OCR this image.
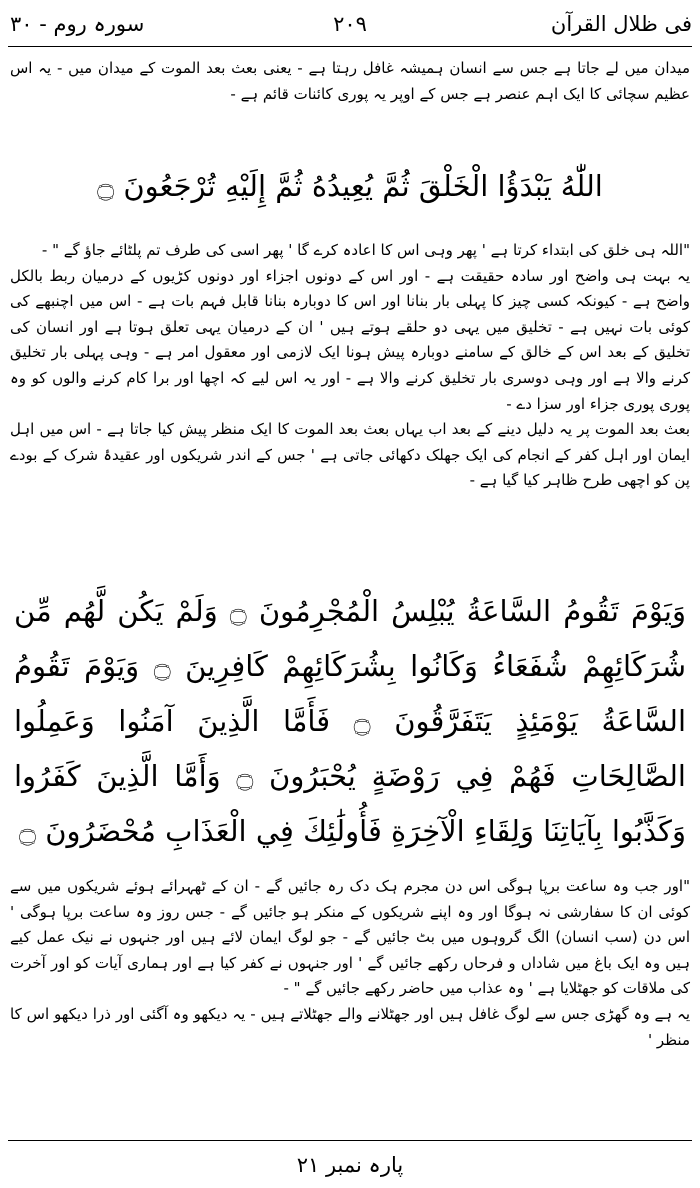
فی ظلال القرآن
۲۰۹
سورہ روم - ۳۰

میدان میں لے جاتا ہے جس سے انسان ہمیشہ غافل رہتا ہے - یعنی بعث بعد الموت کے میدان میں - یہ اس عظیم سچائی کا ایک اہم عنصر ہے جس کے اوپر یہ پوری کائنات قائم ہے -

اللّٰهُ يَبْدَؤُا الْخَلْقَ ثُمَّ يُعِيدُهُ ثُمَّ إِلَيْهِ تُرْجَعُونَ ۝

"اللہ ہی خلق کی ابتداء کرتا ہے ' پھر وہی اس کا اعادہ کرے گا ' پھر اسی کی طرف تم پلٹائے جاؤ گے " -

یہ بہت ہی واضح اور سادہ حقیقت ہے - اور اس کے دونوں اجزاء اور دونوں کڑیوں کے درمیان ربط بالکل واضح ہے - کیونکہ کسی چیز کا پہلی بار بنانا اور اس کا دوبارہ بنانا قابل فہم بات ہے - اس میں اچنبھے کی کوئی بات نہیں ہے - تخلیق میں یہی دو حلقے ہوتے ہیں ' ان کے درمیان یہی تعلق ہوتا ہے اور انسان کی تخلیق کے بعد اس کے خالق کے سامنے دوبارہ پیش ہونا ایک لازمی اور معقول امر ہے - وہی پہلی بار تخلیق کرنے والا ہے اور وہی دوسری بار تخلیق کرنے والا ہے - اور یہ اس لیے کہ اچھا اور برا کام کرنے والوں کو وہ پوری پوری جزاء اور سزا دے -

بعث بعد الموت پر یہ دلیل دینے کے بعد اب یہاں بعث بعد الموت کا ایک منظر پیش کیا جاتا ہے - اس میں اہل ایمان اور اہل کفر کے انجام کی ایک جھلک دکھائی جاتی ہے ' جس کے اندر شریکوں اور عقیدۂ شرک کے بودے پن کو اچھی طرح ظاہر کیا گیا ہے -

وَيَوْمَ تَقُومُ السَّاعَةُ يُبْلِسُ الْمُجْرِمُونَ ۝ وَلَمْ يَكُن لَّهُم مِّن شُرَكَائِهِمْ شُفَعَاءُ وَكَانُوا بِشُرَكَائِهِمْ كَافِرِينَ ۝ وَيَوْمَ تَقُومُ السَّاعَةُ يَوْمَئِذٍ يَتَفَرَّقُونَ ۝ فَأَمَّا الَّذِينَ آمَنُوا وَعَمِلُوا الصَّالِحَاتِ فَهُمْ فِي رَوْضَةٍ يُحْبَرُونَ ۝ وَأَمَّا الَّذِينَ كَفَرُوا وَكَذَّبُوا بِآيَاتِنَا وَلِقَاءِ الْآخِرَةِ فَأُولَٰئِكَ فِي الْعَذَابِ مُحْضَرُونَ ۝

"اور جب وہ ساعت برپا ہوگی اس دن مجرم ہک دک رہ جائیں گے - ان کے ٹھہرائے ہوئے شریکوں میں سے کوئی ان کا سفارشی نہ ہوگا اور وہ اپنے شریکوں کے منکر ہو جائیں گے - جس روز وہ ساعت برپا ہوگی ' اس دن (سب انسان) الگ گروہوں میں بٹ جائیں گے - جو لوگ ایمان لائے ہیں اور جنہوں نے نیک عمل کیے ہیں وہ ایک باغ میں شاداں و فرحاں رکھے جائیں گے ' اور جنہوں نے کفر کیا ہے اور ہماری آیات کو اور آخرت کی ملاقات کو جھٹلایا ہے ' وہ عذاب میں حاضر رکھے جائیں گے " -

یہ ہے وہ گھڑی جس سے لوگ غافل ہیں اور جھٹلانے والے جھٹلاتے ہیں - یہ دیکھو وہ آگئی اور ذرا دیکھو اس کا منظر '

پارہ نمبر ۲۱
